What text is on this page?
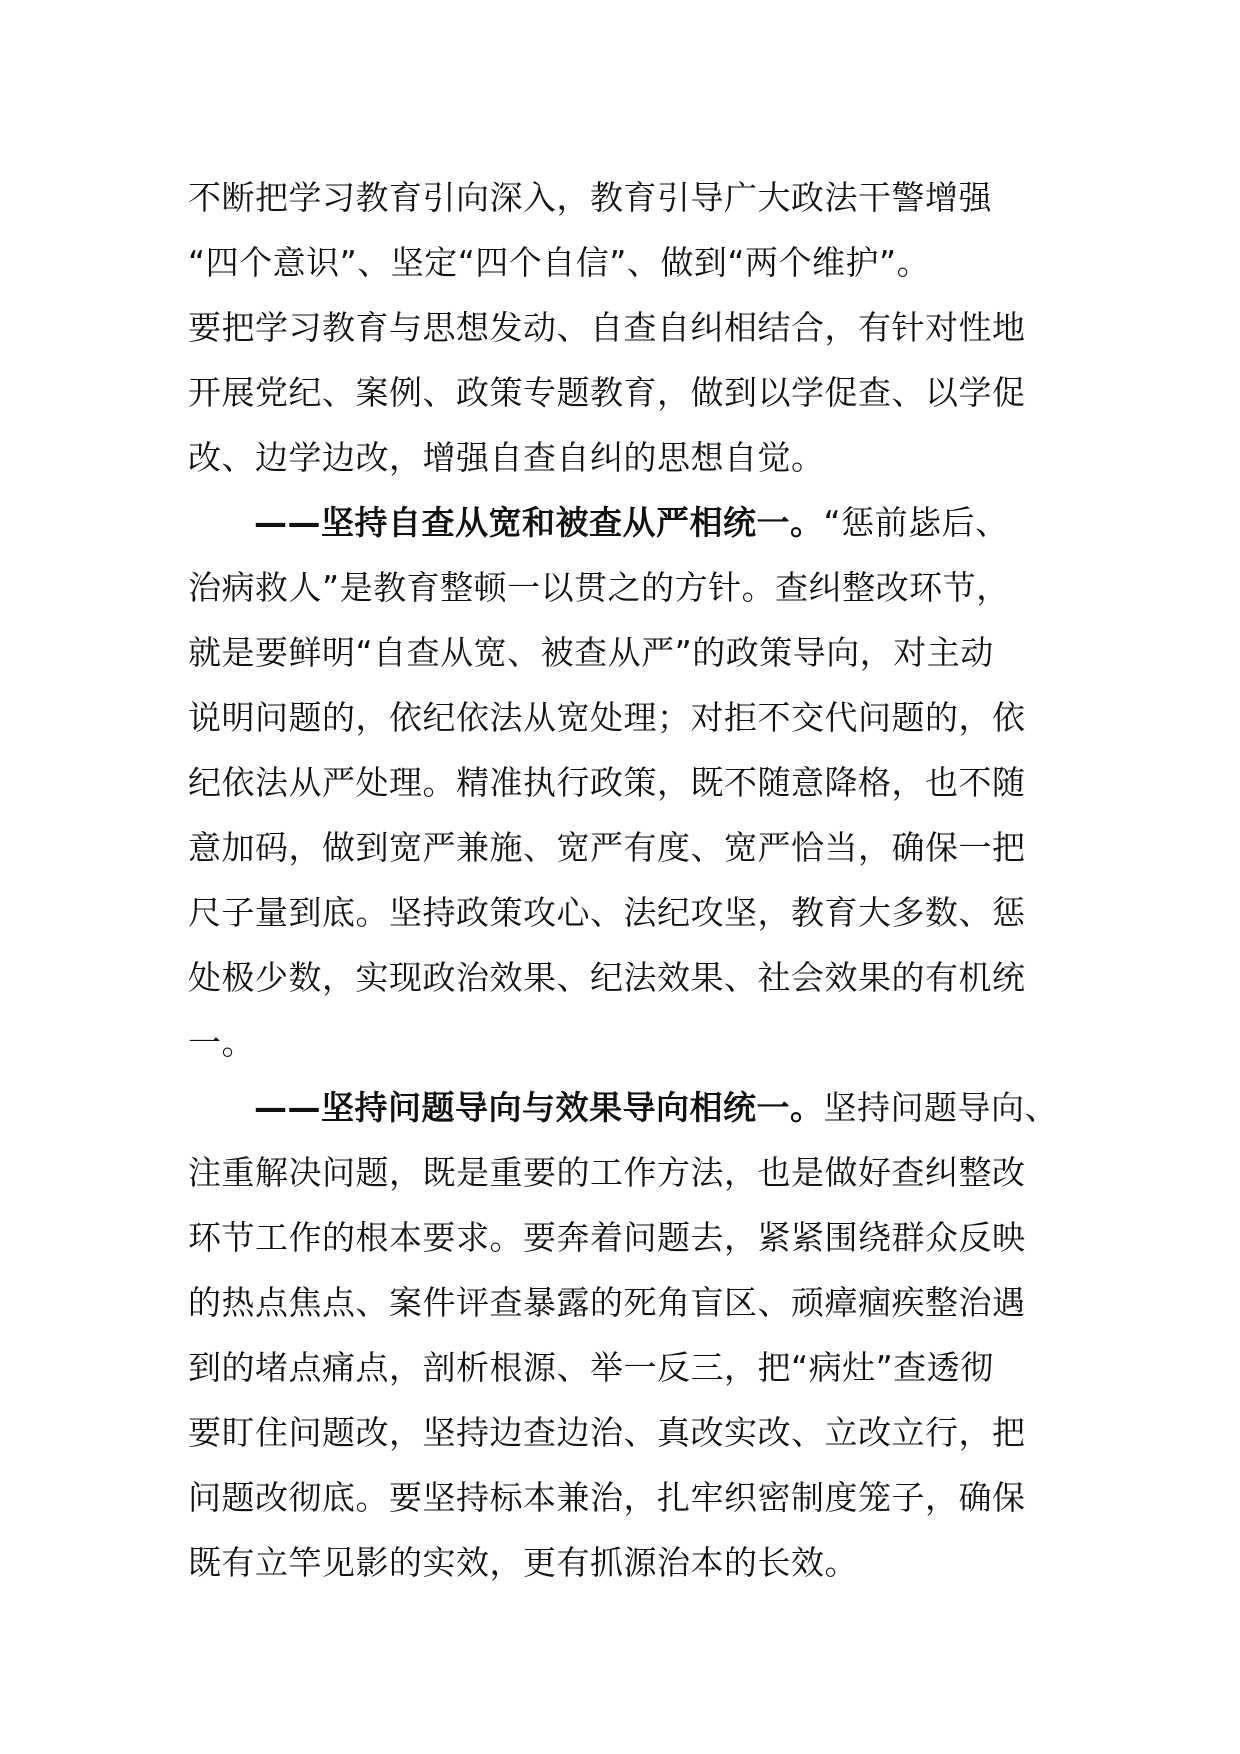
不断把学习教育引向深入，教育引导广大政法干警增强
“四个意识”、坚定“四个自信”、做到“两个维护”。
要把学习教育与思想发动、自查自纠相结合，有针对性地
开展党纪、案例、政策专题教育，做到以学促查、以学促
改、边学边改，增强自查自纠的思想自觉。
——坚持自查从宽和被查从严相统一。“惩前毖后、
治病救人”是教育整顿一以贯之的方针。查纠整改环节，
就是要鲜明“自查从宽、被查从严”的政策导向，对主动
说明问题的，依纪依法从宽处理；对拒不交代问题的，依
纪依法从严处理。精准执行政策，既不随意降格，也不随
意加码，做到宽严兼施、宽严有度、宽严恰当，确保一把
尺子量到底。坚持政策攻心、法纪攻坚，教育大多数、惩
处极少数，实现政治效果、纪法效果、社会效果的有机统
一。
——坚持问题导向与效果导向相统一。坚持问题导向、
注重解决问题，既是重要的工作方法，也是做好查纠整改
环节工作的根本要求。要奔着问题去，紧紧围绕群众反映
的热点焦点、案件评查暴露的死角盲区、顽瘴痼疾整治遇
到的堵点痛点，剖析根源、举一反三，把“病灶”查透彻
要盯住问题改，坚持边查边治、真改实改、立改立行，把
问题改彻底。要坚持标本兼治，扎牢织密制度笼子，确保
既有立竿见影的实效，更有抓源治本的长效。
